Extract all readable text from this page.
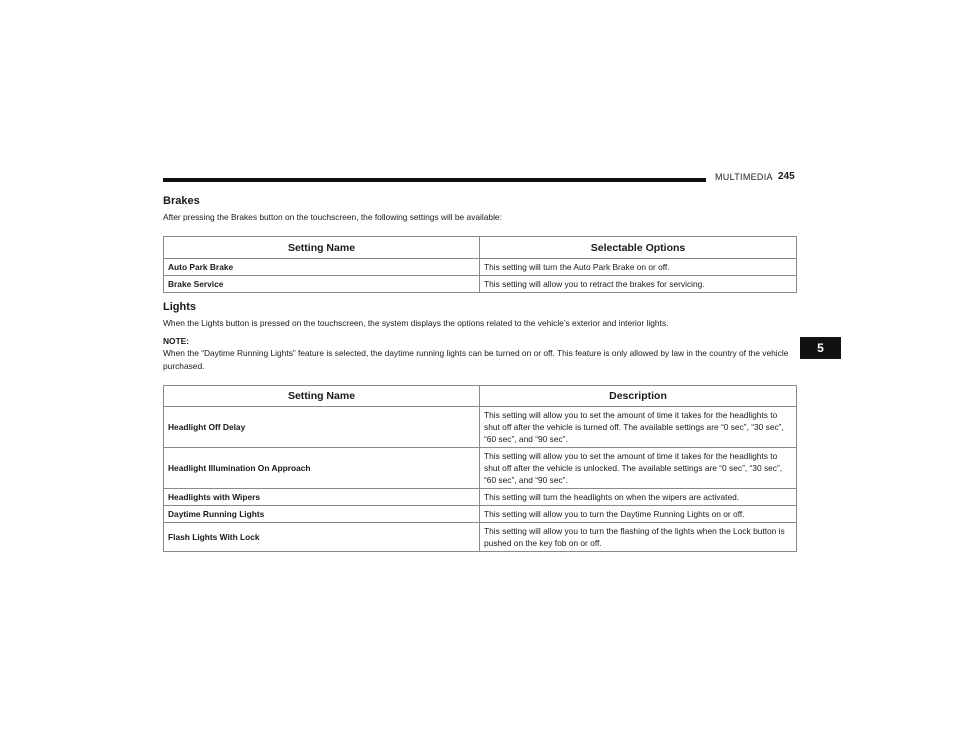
MULTIMEDIA 245
5
Brakes

After pressing the Brakes button on the touchscreen, the following settings will be available:

Setting Name	Selectable Options
Auto Park Brake	This setting will turn the Auto Park Brake on or off.
Brake Service	This setting will allow you to retract the brakes for servicing.
Lights

When the Lights button is pressed on the touchscreen, the system displays the options related to the vehicle’s exterior and interior lights.

NOTE:

When the “Daytime Running Lights” feature is selected, the daytime running lights can be turned on or off. This feature is only allowed by law in the country of the vehicle purchased.

Setting Name	Description
Headlight Off Delay	This setting will allow you to set the amount of time it takes for the headlights to shut off after the vehicle is turned off. The available settings are “0 sec”, “30 sec”, “60 sec”, and “90 sec”.
Headlight Illumination On Approach	This setting will allow you to set the amount of time it takes for the headlights to shut off after the vehicle is unlocked. The available settings are “0 sec”, “30 sec”, “60 sec”, and “90 sec”.
Headlights with Wipers	This setting will turn the headlights on when the wipers are activated.
Daytime Running Lights	This setting will allow you to turn the Daytime Running Lights on or off.
Flash Lights With Lock	This setting will allow you to turn the flashing of the lights when the Lock button is pushed on the key fob on or off.
